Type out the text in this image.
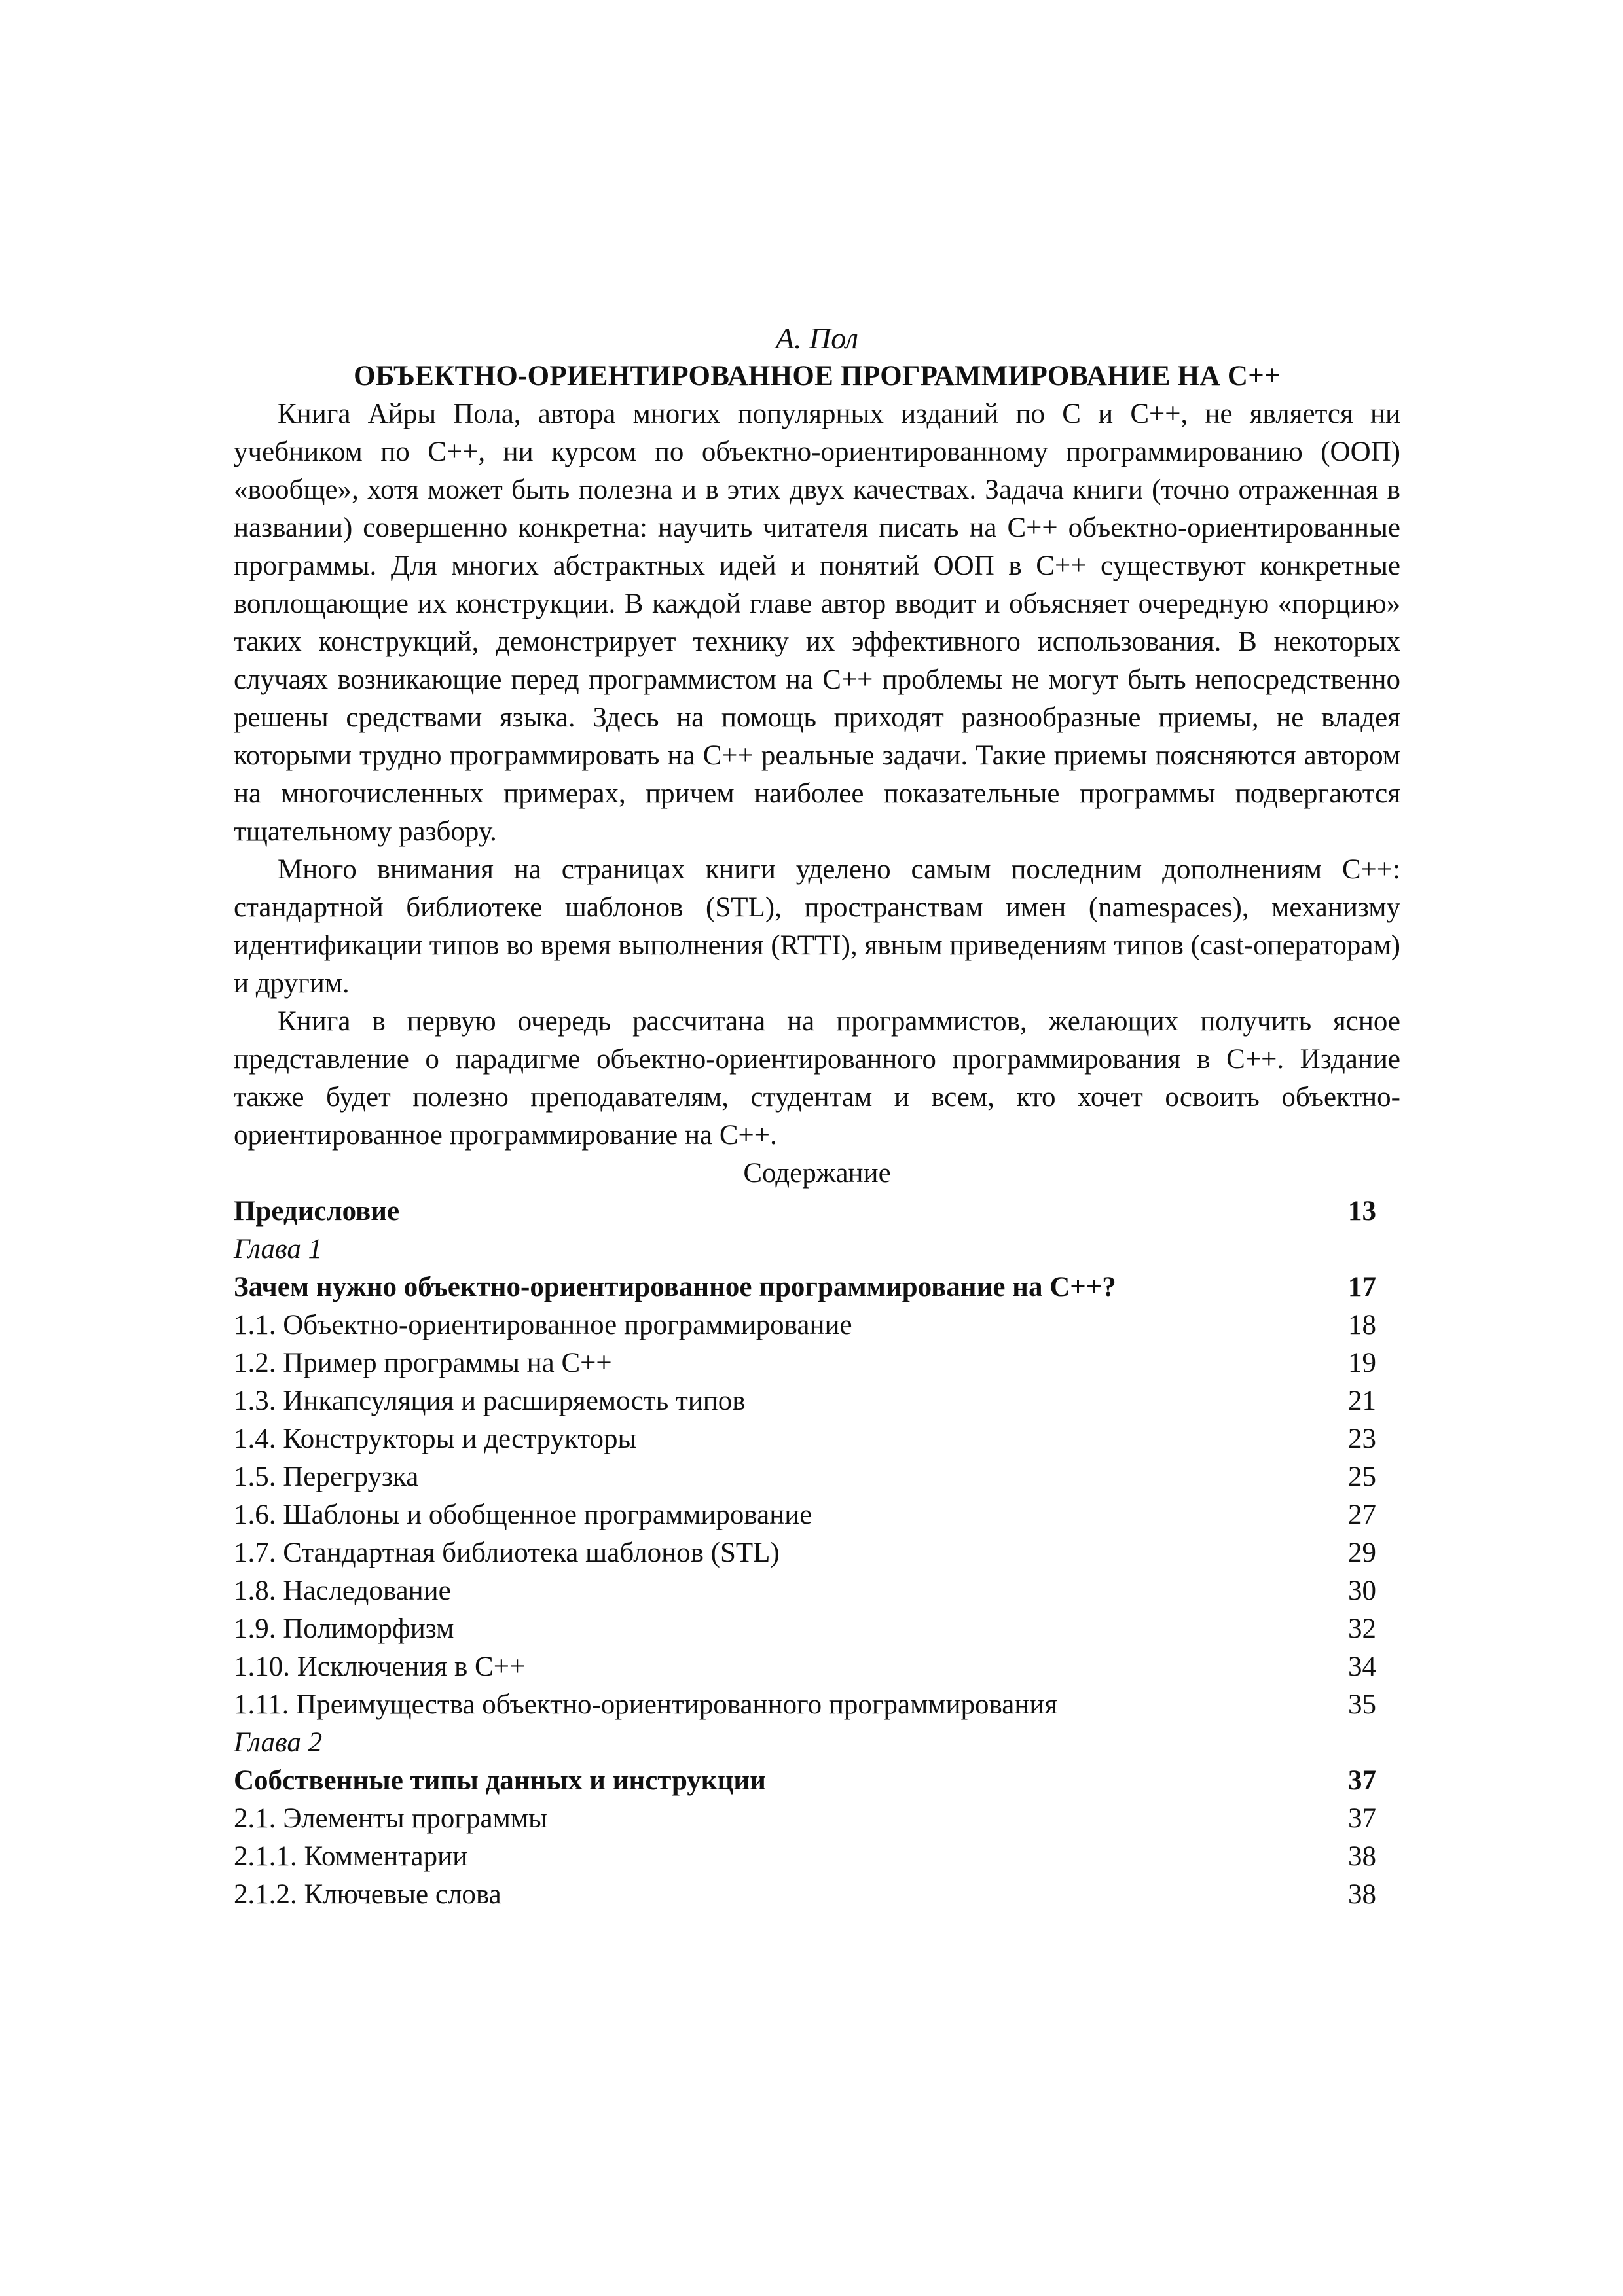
А. Пол

ОБЪЕКТНО-ОРИЕНТИРОВАННОЕ ПРОГРАММИРОВАНИЕ НА С++

Книга Айры Пола, автора многих популярных изданий по С и С++, не является ни учебником по С++, ни курсом по объектно-ориентированному программированию (ООП) «вообще», хотя может быть полезна и в этих двух качествах. Задача книги (точно отраженная в названии) совершенно конкретна: научить читателя писать на С++ объектно-ориентированные программы. Для многих абстрактных идей и понятий ООП в С++ существуют конкретные воплощающие их конструкции. В каждой главе автор вводит и объясняет очередную «порцию» таких конструкций, демонстрирует технику их эффективного использования. В некоторых случаях возникающие перед программистом на С++ проблемы не могут быть непосредственно решены средствами языка. Здесь на помощь приходят разнообразные приемы, не владея которыми трудно программировать на С++ реальные задачи. Такие приемы поясняются автором на многочисленных примерах, причем наиболее показательные программы подвергаются тщательному разбору.

Много внимания на страницах книги уделено самым последним дополнениям С++: стандартной библиотеке шаблонов (STL), пространствам имен (namespaces), механизму идентификации типов во время выполнения (RTTI), явным приведениям типов (cast-операторам) и другим.

Книга в первую очередь рассчитана на программистов, желающих получить ясное представление о парадигме объектно-ориентированного программирования в С++. Издание также будет полезно преподавателям, студентам и всем, кто хочет освоить объектно-ориентированное программирование на С++.

Содержание

Предисловие	13
Глава 1
Зачем нужно объектно-ориентированное программирование на С++?	17
1.1. Объектно-ориентированное программирование	18
1.2. Пример программы на С++	19
1.3. Инкапсуляция и расширяемость типов	21
1.4. Конструкторы и деструкторы	23
1.5. Перегрузка	25
1.6. Шаблоны и обобщенное программирование	27
1.7. Стандартная библиотека шаблонов (STL)	29
1.8. Наследование	30
1.9. Полиморфизм	32
1.10. Исключения в С++	34
1.11. Преимущества объектно-ориентированного программирования	35
Глава 2
Собственные типы данных и инструкции	37
2.1. Элементы программы	37
2.1.1. Комментарии	38
2.1.2. Ключевые слова	38
